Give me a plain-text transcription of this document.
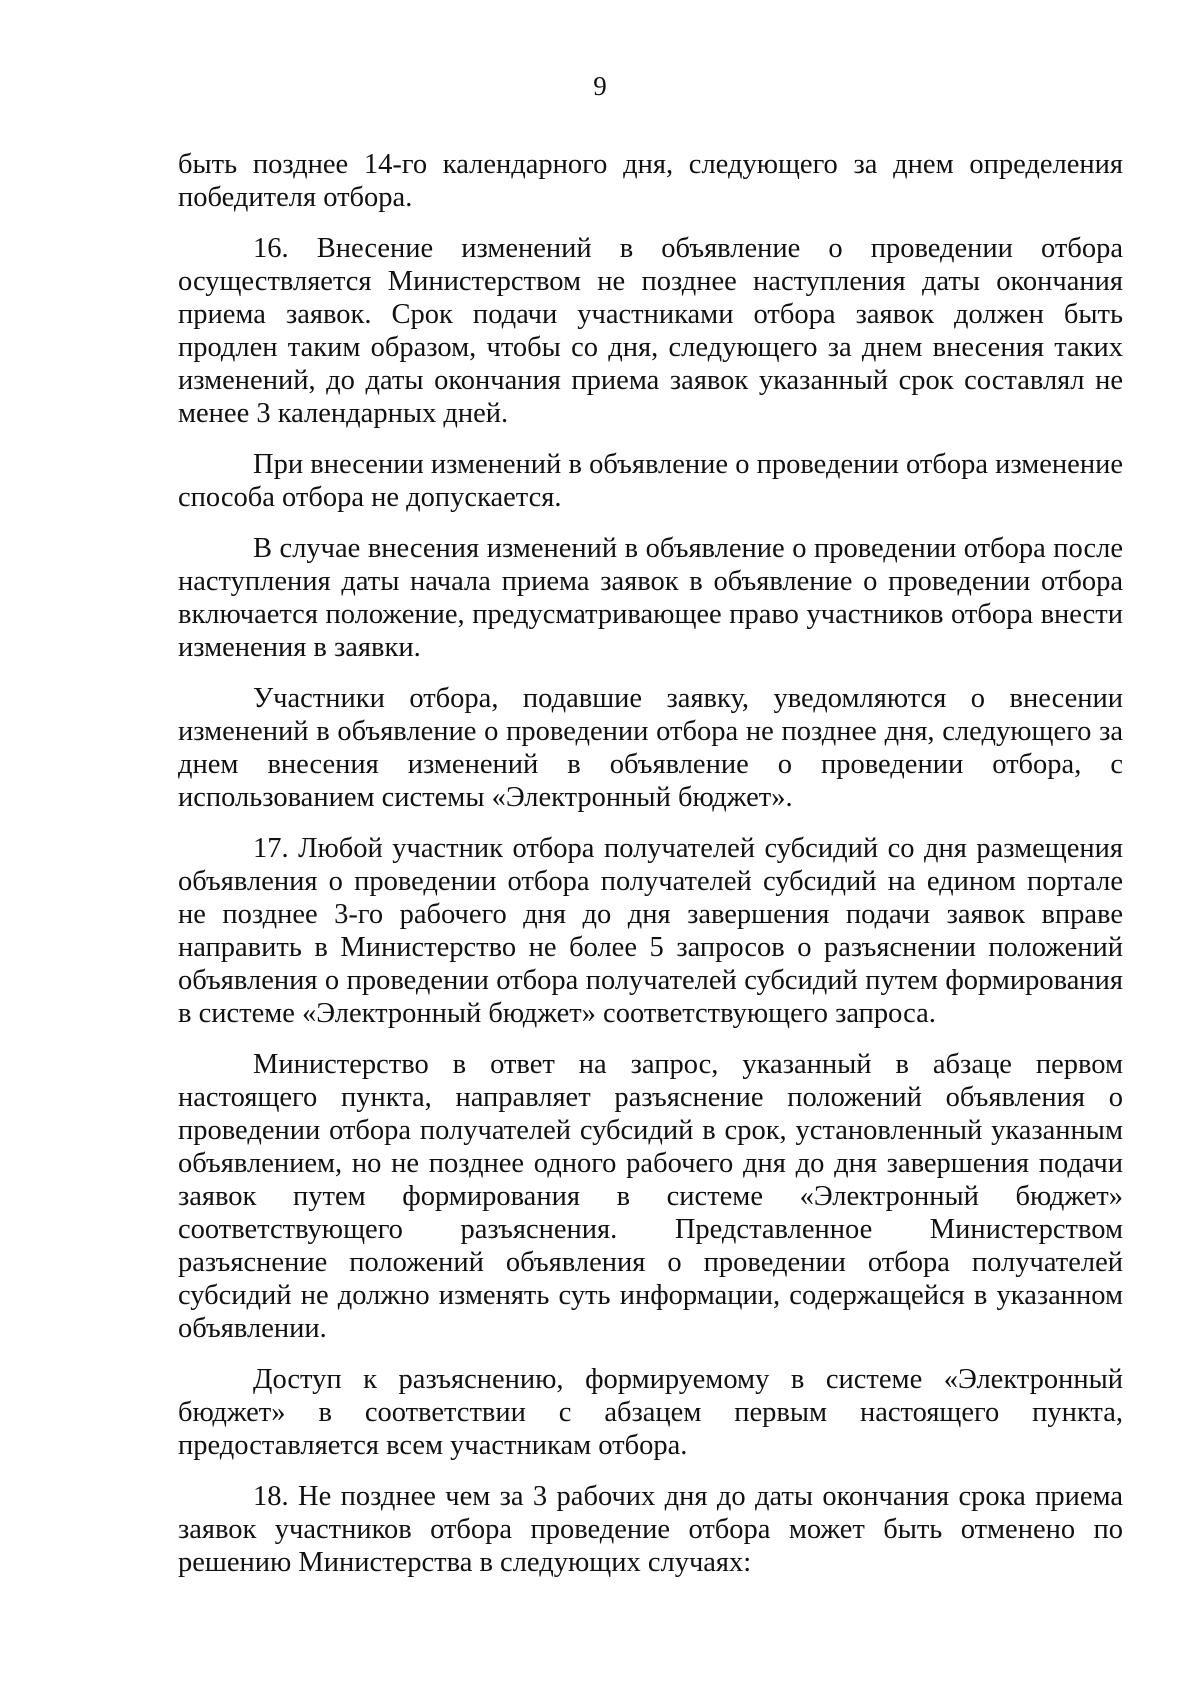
9

быть позднее 14-го календарного дня, следующего за днем определения победителя отбора.

16. Внесение изменений в объявление о проведении отбора осуществляется Министерством не позднее наступления даты окончания приема заявок. Срок подачи участниками отбора заявок должен быть продлен таким образом, чтобы со дня, следующего за днем внесения таких изменений, до даты окончания приема заявок указанный срок составлял не менее 3 календарных дней.

При внесении изменений в объявление о проведении отбора изменение способа отбора не допускается.

В случае внесения изменений в объявление о проведении отбора после наступления даты начала приема заявок в объявление о проведении отбора включается положение, предусматривающее право участников отбора внести изменения в заявки.

Участники отбора, подавшие заявку, уведомляются о внесении изменений в объявление о проведении отбора не позднее дня, следующего за днем внесения изменений в объявление о проведении отбора, с использованием системы «Электронный бюджет».

17. Любой участник отбора получателей субсидий со дня размещения объявления о проведении отбора получателей субсидий на едином портале не позднее 3-го рабочего дня до дня завершения подачи заявок вправе направить в Министерство не более 5 запросов о разъяснении положений объявления о проведении отбора получателей субсидий путем формирования в системе «Электронный бюджет» соответствующего запроса.

Министерство в ответ на запрос, указанный в абзаце первом настоящего пункта, направляет разъяснение положений объявления о проведении отбора получателей субсидий в срок, установленный указанным объявлением, но не позднее одного рабочего дня до дня завершения подачи заявок путем формирования в системе «Электронный бюджет» соответствующего разъяснения. Представленное Министерством разъяснение положений объявления о проведении отбора получателей субсидий не должно изменять суть информации, содержащейся в указанном объявлении.

Доступ к разъяснению, формируемому в системе «Электронный бюджет» в соответствии с абзацем первым настоящего пункта, предоставляется всем участникам отбора.

18. Не позднее чем за 3 рабочих дня до даты окончания срока приема заявок участников отбора проведение отбора может быть отменено по решению Министерства в следующих случаях:
